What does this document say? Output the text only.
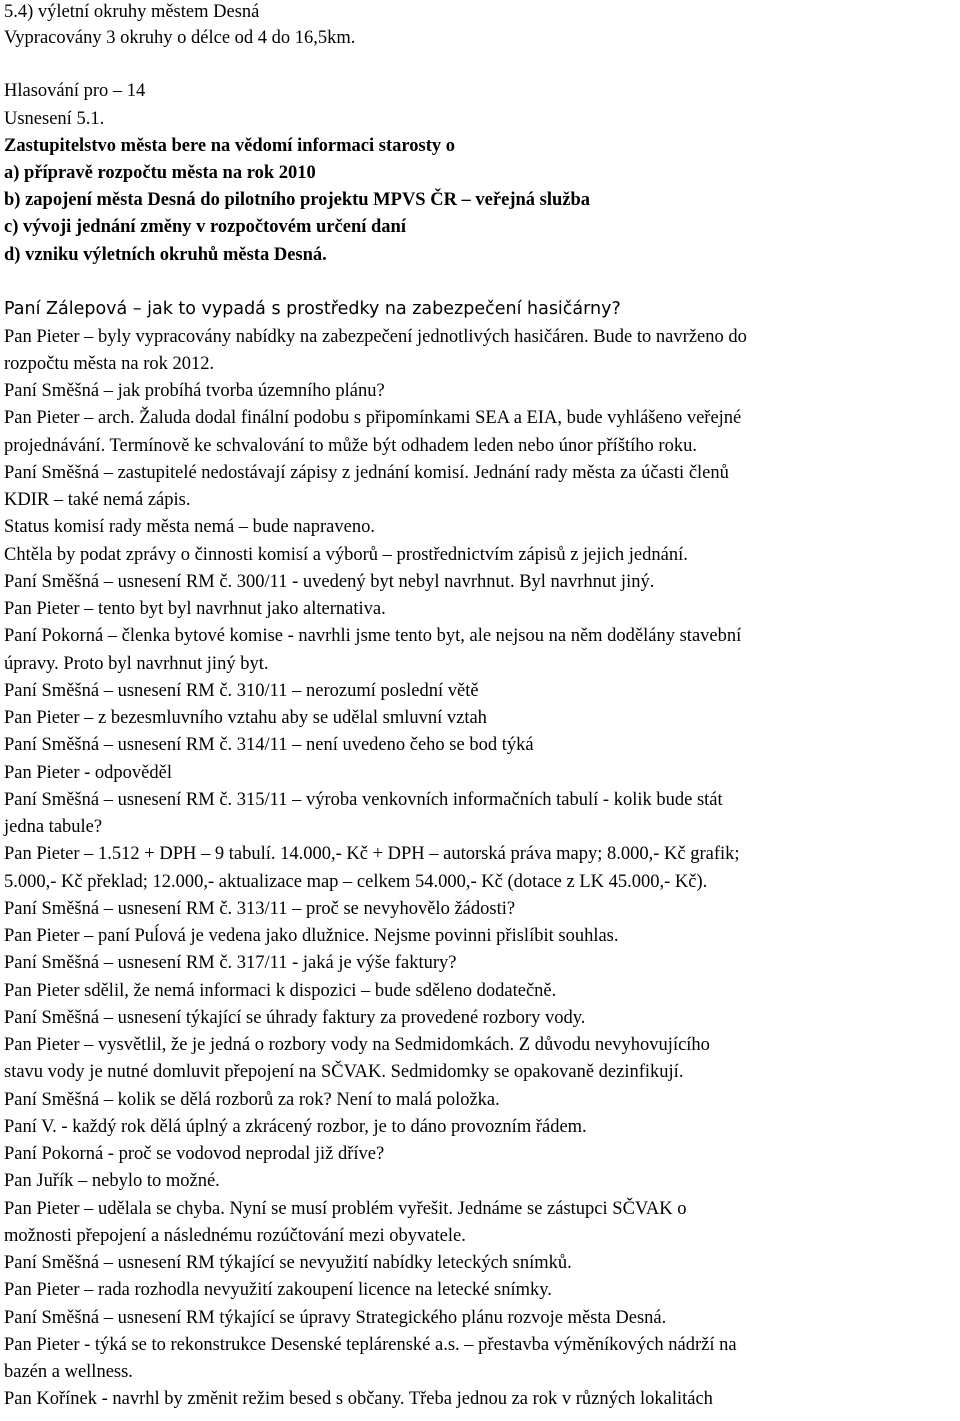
5.4) výletní okruhy městem Desná
Vypracovány 3 okruhy o délce od 4 do 16,5km.
Hlasování pro – 14
Usnesení 5.1.
Zastupitelstvo města bere na vědomí informaci starosty o
a) přípravě rozpočtu města na rok 2010
b) zapojení města Desná do pilotního projektu MPVS ČR – veřejná služba
c) vývoji jednání změny v rozpočtovém určení daní
d) vzniku výletních okruhů města Desná.
Paní Zálepová – jak to vypadá s prostředky na zabezpečení hasičárny?
Pan Pieter – byly vypracovány nabídky na zabezpečení jednotlivých hasičáren. Bude to navrženo do
rozpočtu města na rok 2012.
Paní Směšná – jak probíhá tvorba územního plánu?
Pan Pieter – arch. Žaluda dodal finální podobu s připomínkami SEA a EIA, bude vyhlášeno veřejné
projednávání. Termínově ke schvalování to může být odhadem leden nebo únor příštího roku.
Paní Směšná – zastupitelé nedostávají zápisy z jednání komisí. Jednání rady města za účasti členů
KDIR – také nemá zápis.
Status komisí rady města nemá – bude napraveno.
Chtěla by podat zprávy o činnosti komisí a výborů – prostřednictvím zápisů z jejich jednání.
Paní Směšná – usnesení RM č. 300/11 - uvedený byt nebyl navrhnut. Byl navrhnut jiný.
Pan Pieter – tento byt byl navrhnut jako alternativa.
Paní Pokorná – členka bytové komise - navrhli jsme tento byt, ale nejsou na něm dodělány stavební
úpravy. Proto byl navrhnut jiný byt.
Paní Směšná – usnesení RM č. 310/11 – nerozumí poslední větě
Pan Pieter – z bezesmluvního vztahu aby se udělal smluvní vztah
Paní Směšná – usnesení RM č. 314/11 – není uvedeno čeho se bod týká
Pan Pieter - odpověděl
Paní Směšná – usnesení RM č. 315/11 – výroba venkovních informačních tabulí - kolik bude stát
jedna tabule?
Pan Pieter – 1.512 + DPH – 9 tabulí. 14.000,- Kč + DPH – autorská práva mapy; 8.000,- Kč grafik;
5.000,- Kč překlad; 12.000,- aktualizace map – celkem 54.000,- Kč (dotace z LK 45.000,- Kč).
Paní Směšná – usnesení RM č. 313/11 – proč se nevyhovělo žádosti?
Pan Pieter – paní Puĺová je vedena jako dlužnice. Nejsme povinni přislíbit souhlas.
Paní Směšná – usnesení RM č. 317/11 - jaká je výše faktury?
Pan Pieter sdělil, že nemá informaci k dispozici – bude sděleno dodatečně.
Paní Směšná – usnesení týkající se úhrady faktury za provedené rozbory vody.
Pan Pieter – vysvětlil, že je jedná o rozbory vody na Sedmidomkách. Z důvodu nevyhovujícího
stavu vody je nutné domluvit přepojení na SČVAK. Sedmidomky se opakovaně dezinfikují.
Paní Směšná – kolik se dělá rozborů za rok? Není to malá položka.
Paní V. - každý rok dělá úplný a zkrácený rozbor, je to dáno provozním řádem.
Paní Pokorná - proč se vodovod neprodal již dříve?
Pan Juřík – nebylo to možné.
Pan Pieter – udělala se chyba. Nyní se musí problém vyřešit. Jednáme se zástupci SČVAK o
možnosti přepojení a následnému rozúčtování mezi obyvatele.
Paní Směšná – usnesení RM týkající se nevyužití nabídky leteckých snímků.
Pan Pieter – rada rozhodla nevyužití zakoupení licence na letecké snímky.
Paní Směšná – usnesení RM týkající se úpravy Strategického plánu rozvoje města Desná.
Pan Pieter - týká se to rekonstrukce Desenské teplárenské a.s. – přestavba výměníkových nádrží na
bazén a wellness.
Pan Kořínek - navrhl by změnit režim besed s občany. Třeba jednou za rok v různých lokalitách
